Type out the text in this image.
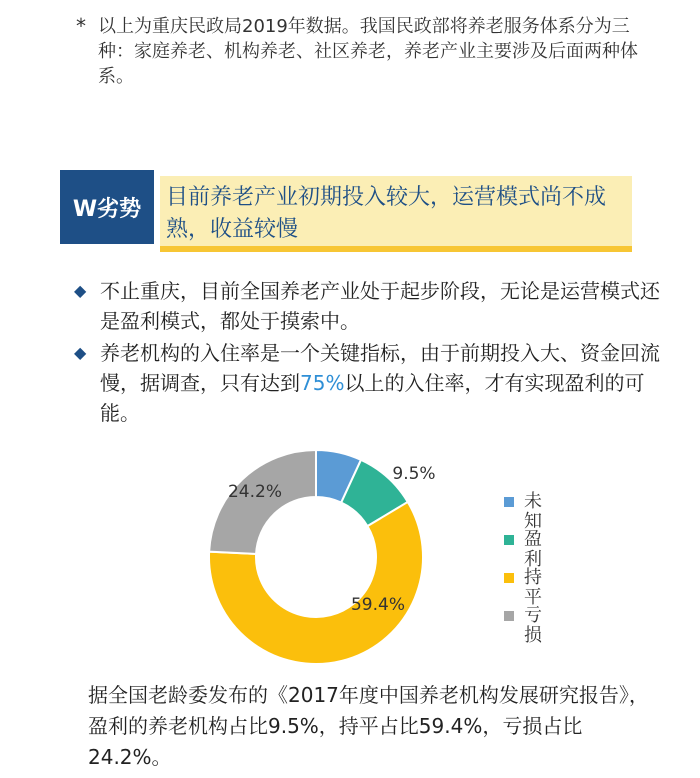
* 以上为重庆民政局2019年数据。我国民政部将养老服务体系分为三种：家庭养老、机构养老、社区养老，养老产业主要涉及后面两种体系。
W劣势	目前养老产业初期投入较大，运营模式尚不成熟，收益较慢
◆ 不止重庆，目前全国养老产业处于起步阶段，无论是运营模式还是盈利模式，都处于摸索中。
◆ 养老机构的入住率是一个关键指标，由于前期投入大、资金回流慢，据调查，只有达到75%以上的入住率，才有实现盈利的可能。
9.5%
59.4%
24.2%	未知
盈利
持平
亏损
据全国老龄委发布的《2017年度中国养老机构发展研究报告》，盈利的养老机构占比9.5%，持平占比59.4%，亏损占比24.2%。
